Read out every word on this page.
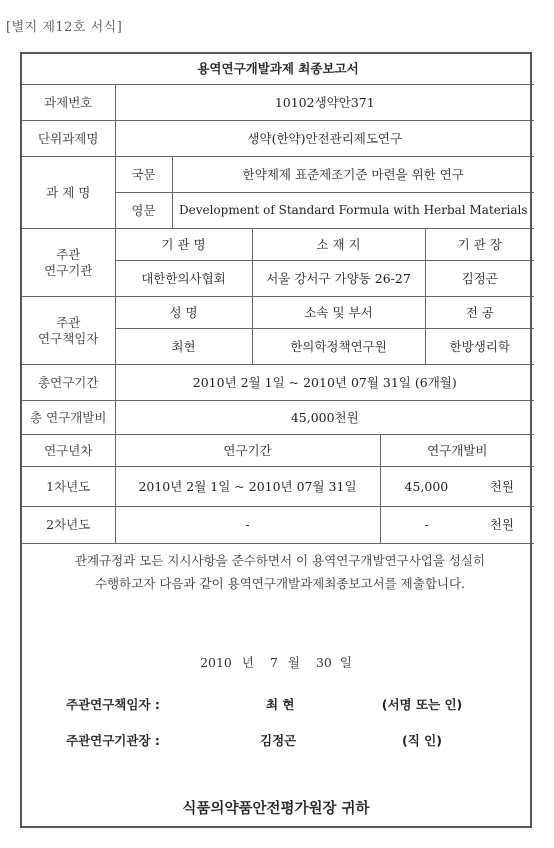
[별지 제12호 서식]
용역연구개발과제 최종보고서					
과제번호	10102생약안371				
단위과제명	생약(한약)안전관리제도연구				
과 제 명	국문	한약제제 표준제조기준 마련을 위한 연구			
	영문	Development of Standard Formula with Herbal Materials			

주관
연구기관	기 관 명		소 재 지		기 관 장
	대한한의사협회		서울 강서구 가양동 26-27		김정곤

주관
연구책임자	성 명		소속 및 부서		전 공
	최현		한의학정책연구원		한방생리학
총연구기간	2010년 2월 1일 ~ 2010년 07월 31일 (6개월)				
총 연구개발비	45,000천원				
연구년차	연구기간			연구개발비	
1차년도	2010년 2월 1일 ~ 2010년 07월 31일			45,000 천원	

2차년도	-			- 천원	
관계규정과 모든 지시사항을 준수하면서 이 용역연구개발연구사업을 성실히
수행하고자 다음과 같이 용역연구개발과제최종보고서를 제출합니다.
2010 년 7 월 30 일
주관연구책임자 :	최 현	(서명 또는 인)
주관연구기관장 :	김정곤	(직 인)
식품의약품안전평가원장 귀하
